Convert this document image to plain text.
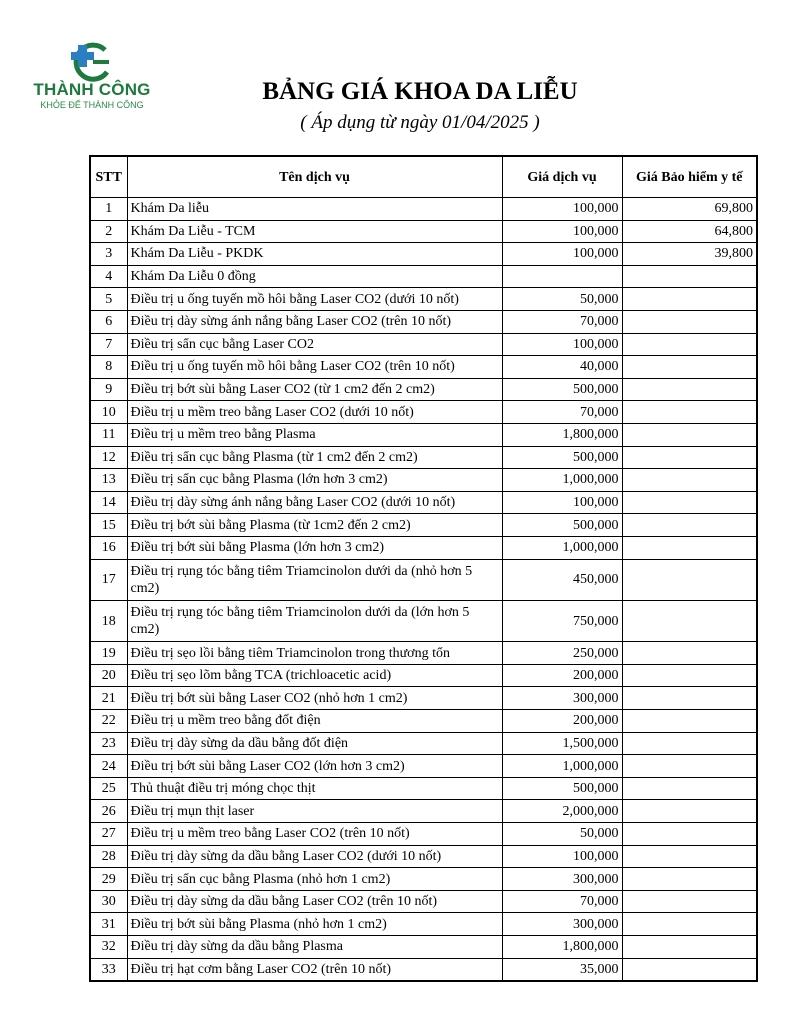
THÀNH CÔNG
KHỎE ĐỂ THÀNH CÔNG	BẢNG GIÁ KHOA DA LIỄU
( Áp dụng từ ngày 01/04/2025 )
STT	Tên dịch vụ	Giá dịch vụ	Giá Bảo hiểm y tế
1	Khám Da liễu	100,000	69,800
2	Khám Da Liễu - TCM	100,000	64,800
3	Khám Da Liễu - PKDK	100,000	39,800
4	Khám Da Liễu 0 đồng		
5	Điều trị u ống tuyến mồ hôi bằng Laser CO2 (dưới 10 nốt)	50,000	
6	Điều trị dày sừng ánh nắng bằng Laser CO2 (trên 10 nốt)	70,000	
7	Điều trị sẩn cục bằng Laser CO2	100,000	
8	Điều trị u ống tuyến mồ hôi bằng Laser CO2 (trên 10 nốt)	40,000	
9	Điều trị bớt sùi bằng Laser CO2 (từ 1 cm2 đến 2 cm2)	500,000	
10	Điều trị u mềm treo bằng Laser CO2 (dưới 10 nốt)	70,000	
11	Điều trị u mềm treo bằng Plasma	1,800,000	
12	Điều trị sẩn cục bằng Plasma (từ 1 cm2 đến 2 cm2)	500,000	
13	Điều trị sẩn cục bằng Plasma (lớn hơn 3 cm2)	1,000,000	
14	Điều trị dày sừng ánh nắng bằng Laser CO2 (dưới 10 nốt)	100,000	
15	Điều trị bớt sùi bằng Plasma (từ 1cm2 đến 2 cm2)	500,000	
16	Điều trị bớt sùi bằng Plasma (lớn hơn 3 cm2)	1,000,000	
17	Điều trị rụng tóc bằng tiêm Triamcinolon dưới da (nhỏ hơn 5 cm2)	450,000	
18	Điều trị rụng tóc bằng tiêm Triamcinolon dưới da (lớn hơn 5 cm2)	750,000	
19	Điều trị sẹo lồi bằng tiêm Triamcinolon trong thương tổn	250,000	
20	Điều trị sẹo lõm bằng TCA (trichloacetic acid)	200,000	
21	Điều trị bớt sùi bằng Laser CO2 (nhỏ hơn 1 cm2)	300,000	
22	Điều trị u mềm treo bằng đốt điện	200,000	
23	Điều trị dày sừng da dầu bằng đốt điện	1,500,000	
24	Điều trị bớt sùi bằng Laser CO2 (lớn hơn 3 cm2)	1,000,000	
25	Thủ thuật điều trị móng chọc thịt	500,000	
26	Điều trị mụn thịt laser	2,000,000	
27	Điều trị u mềm treo bằng Laser CO2 (trên 10 nốt)	50,000	
28	Điều trị dày sừng da dầu bằng Laser CO2 (dưới 10 nốt)	100,000	
29	Điều trị sẩn cục bằng Plasma (nhỏ hơn 1 cm2)	300,000	
30	Điều trị dày sừng da dầu bằng Laser CO2 (trên 10 nốt)	70,000	
31	Điều trị bớt sùi bằng Plasma (nhỏ hơn 1 cm2)	300,000	
32	Điều trị dày sừng da dầu bằng Plasma	1,800,000	
33	Điều trị hạt cơm bằng Laser CO2 (trên 10 nốt)	35,000	
